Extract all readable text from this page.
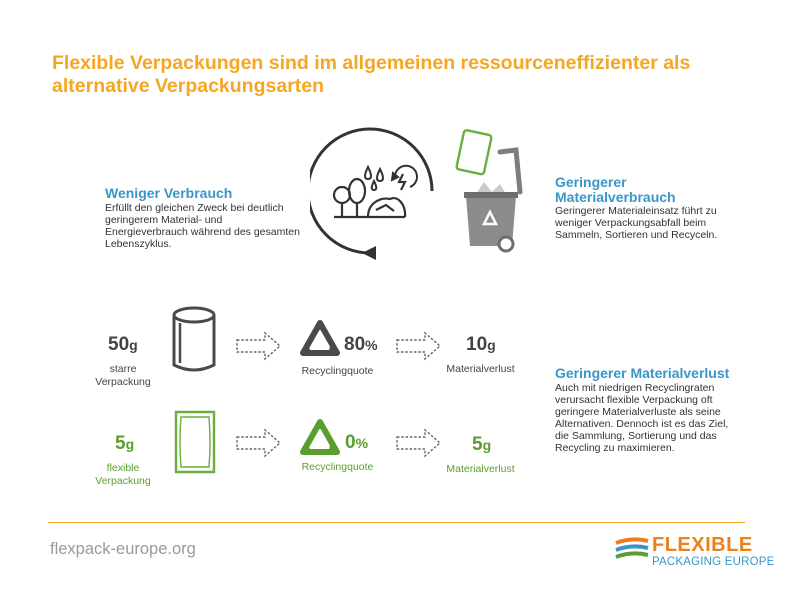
Flexible Verpackungen sind im allgemeinen ressourceneffizienter als alternative Verpackungsarten
Weniger Verbrauch
Erfüllt den gleichen Zweck bei deutlich geringerem Material- und Energieverbrauch während des gesamten Lebenszyklus.
Geringerer Materialverbrauch
Geringerer Materialeinsatz führt zu weniger Verpackungsabfall beim Sammeln, Sortieren und Recyceln.
50g
starre Verpackung
80%
Recyclingquote
10g
Materialverlust
5g
flexible Verpackung
0%
Recyclingquote
5g
Materialverlust
Geringerer Materialverlust
Auch mit niedrigen Recyclingraten verursacht flexible Verpackung oft geringere Materialverluste als seine Alternativen. Dennoch ist es das Ziel, die Sammlung, Sortierung und das Recycling zu maximieren.
flexpack-europe.org	FLEXIBLE
PACKAGING EUROPE
